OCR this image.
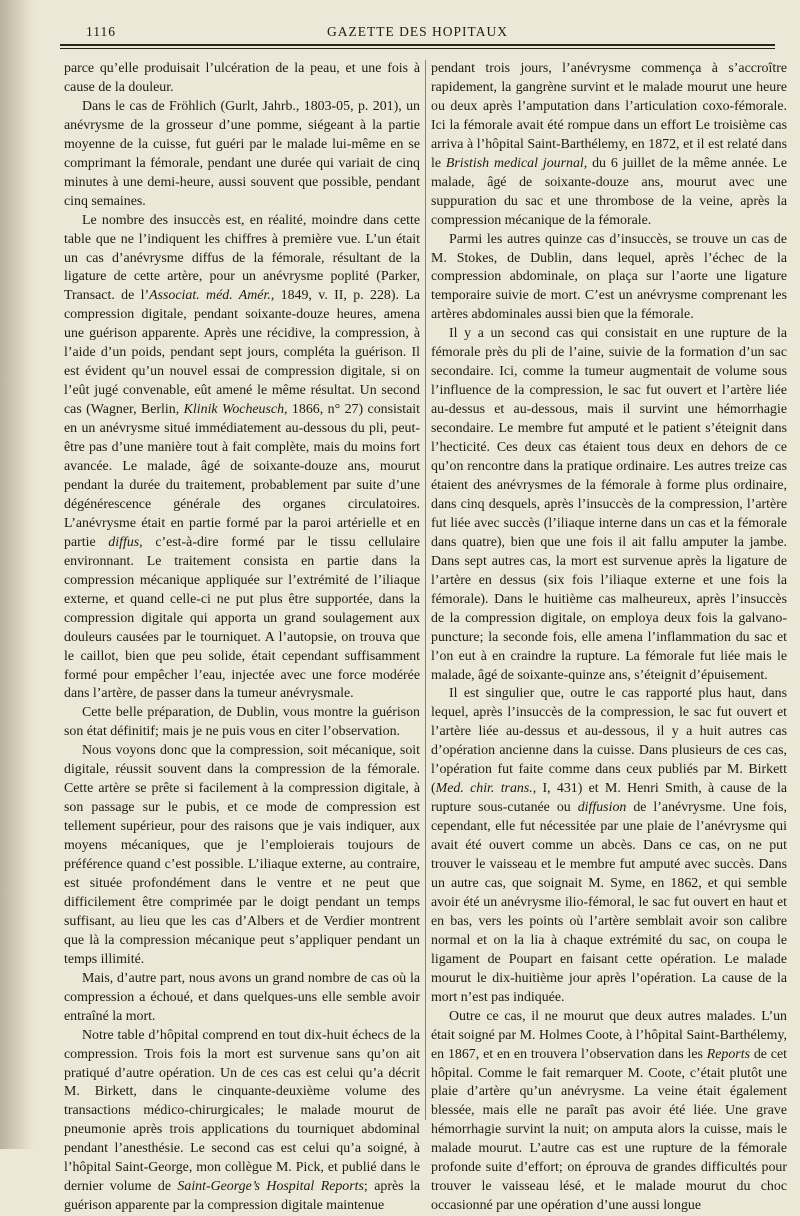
1116	GAZETTE DES HOPITAUX

parce qu’elle produisait l’ulcération de la peau, et une fois à cause de la douleur.

Dans le cas de Fröhlich (Gurlt, Jahrb., 1803-05, p. 201), un anévrysme de la grosseur d’une pomme, siégeant à la partie moyenne de la cuisse, fut guéri par le malade lui-même en se comprimant la fémorale, pendant une durée qui variait de cinq minutes à une demi-heure, aussi souvent que possible, pendant cinq semaines.

Le nombre des insuccès est, en réalité, moindre dans cette table que ne l’indiquent les chiffres à première vue. L’un était un cas d’anévrysme diffus de la fémorale, résultant de la ligature de cette artère, pour un anévrysme poplité (Parker, Transact. de l’Associat. méd. Amér., 1849, v. II, p. 228). La compression digitale, pendant soixante-douze heures, amena une guérison apparente. Après une récidive, la compression, à l’aide d’un poids, pendant sept jours, compléta la guérison. Il est évident qu’un nouvel essai de compression digitale, si on l’eût jugé convenable, eût amené le même résultat. Un second cas (Wagner, Berlin, Klinik Wocheusch, 1866, n° 27) consistait en un anévrysme situé immédiatement au-dessous du pli, peut-être pas d’une manière tout à fait complète, mais du moins fort avancée. Le malade, âgé de soixante-douze ans, mourut pendant la durée du traitement, probablement par suite d’une dégénérescence générale des organes circulatoires. L’anévrysme était en partie formé par la paroi artérielle et en partie diffus, c’est-à-dire formé par le tissu cellulaire environnant. Le traitement consista en partie dans la compression mécanique appliquée sur l’extrémité de l’iliaque externe, et quand celle-ci ne put plus être supportée, dans la compression digitale qui apporta un grand soulagement aux douleurs causées par le tourniquet. A l’autopsie, on trouva que le caillot, bien que peu solide, était cependant suffisamment formé pour empêcher l’eau, injectée avec une force modérée dans l’artère, de passer dans la tumeur anévrysmale.

Cette belle préparation, de Dublin, vous montre la guérison son état définitif; mais je ne puis vous en citer l’observation.

Nous voyons donc que la compression, soit mécanique, soit digitale, réussit souvent dans la compression de la fémorale. Cette artère se prête si facilement à la compression digitale, à son passage sur le pubis, et ce mode de compression est tellement supérieur, pour des raisons que je vais indiquer, aux moyens mécaniques, que je l’emploierais toujours de préférence quand c’est possible. L’iliaque externe, au contraire, est située profondément dans le ventre et ne peut que difficilement être comprimée par le doigt pendant un temps suffisant, au lieu que les cas d’Albers et de Verdier montrent que là la compression mécanique peut s’appliquer pendant un temps illimité.

Mais, d’autre part, nous avons un grand nombre de cas où la compression a échoué, et dans quelques-uns elle semble avoir entraîné la mort.

Notre table d’hôpital comprend en tout dix-huit échecs de la compression. Trois fois la mort est survenue sans qu’on ait pratiqué d’autre opération. Un de ces cas est celui qu’a décrit M. Birkett, dans le cinquante-deuxième volume des transactions médico-chirurgicales; le malade mourut de pneumonie après trois applications du tourniquet abdominal pendant l’anesthésie. Le second cas est celui qu’a soigné, à l’hôpital Saint-George, mon collègue M. Pick, et publié dans le dernier volume de Saint-George’s Hospital Reports; après la guérison apparente par la compression digitale maintenue

pendant trois jours, l’anévrysme commença à s’accroître rapidement, la gangrène survint et le malade mourut une heure ou deux après l’amputation dans l’articulation coxo-fémorale. Ici la fémorale avait été rompue dans un effort Le troisième cas arriva à l’hôpital Saint-Barthélemy, en 1872, et il est relaté dans le Bristish medical journal, du 6 juillet de la même année. Le malade, âgé de soixante-douze ans, mourut avec une suppuration du sac et une thrombose de la veine, après la compression mécanique de la fémorale.

Parmi les autres quinze cas d’insuccès, se trouve un cas de M. Stokes, de Dublin, dans lequel, après l’échec de la compression abdominale, on plaça sur l’aorte une ligature temporaire suivie de mort. C’est un anévrysme comprenant les artères abdominales aussi bien que la fémorale.

Il y a un second cas qui consistait en une rupture de la fémorale près du pli de l’aine, suivie de la formation d’un sac secondaire. Ici, comme la tumeur augmentait de volume sous l’influence de la compression, le sac fut ouvert et l’artère liée au-dessus et au-dessous, mais il survint une hémorrhagie secondaire. Le membre fut amputé et le patient s’éteignit dans l’hecticité. Ces deux cas étaient tous deux en dehors de ce qu’on rencontre dans la pratique ordinaire. Les autres treize cas étaient des anévrysmes de la fémorale à forme plus ordinaire, dans cinq desquels, après l’insuccès de la compression, l’artère fut liée avec succès (l’iliaque interne dans un cas et la fémorale dans quatre), bien que une fois il ait fallu amputer la jambe. Dans sept autres cas, la mort est survenue après la ligature de l’artère en dessus (six fois l’iliaque externe et une fois la fémorale). Dans le huitième cas malheureux, après l’insuccès de la compression digitale, on employa deux fois la galvano-puncture; la seconde fois, elle amena l’inflammation du sac et l’on eut à en craindre la rupture. La fémorale fut liée mais le malade, âgé de soixante-quinze ans, s’éteignit d’épuisement.

Il est singulier que, outre le cas rapporté plus haut, dans lequel, après l’insuccès de la compression, le sac fut ouvert et l’artère liée au-dessus et au-dessous, il y a huit autres cas d’opération ancienne dans la cuisse. Dans plusieurs de ces cas, l’opération fut faite comme dans ceux publiés par M. Birkett (Med. chir. trans., I, 431) et M. Henri Smith, à cause de la rupture sous-cutanée ou diffusion de l’anévrysme. Une fois, cependant, elle fut nécessitée par une plaie de l’anévrysme qui avait été ouvert comme un abcès. Dans ce cas, on ne put trouver le vaisseau et le membre fut amputé avec succès. Dans un autre cas, que soignait M. Syme, en 1862, et qui semble avoir été un anévrysme ilio-fémoral, le sac fut ouvert en haut et en bas, vers les points où l’artère semblait avoir son calibre normal et on la lia à chaque extrémité du sac, on coupa le ligament de Poupart en faisant cette opération. Le malade mourut le dix-huitième jour après l’opération. La cause de la mort n’est pas indiquée.

Outre ce cas, il ne mourut que deux autres malades. L’un était soigné par M. Holmes Coote, à l’hôpital Saint-Barthélemy, en 1867, et en en trouvera l’observation dans les Reports de cet hôpital. Comme le fait remarquer M. Coote, c’était plutôt une plaie d’artère qu’un anévrysme. La veine était également blessée, mais elle ne paraît pas avoir été liée. Une grave hémorrhagie survint la nuit; on amputa alors la cuisse, mais le malade mourut. L’autre cas est une rupture de la fémorale profonde suite d’effort; on éprouva de grandes difficultés pour trouver le vaisseau lésé, et le malade mourut du choc occasionné par une opération d’une aussi longue
